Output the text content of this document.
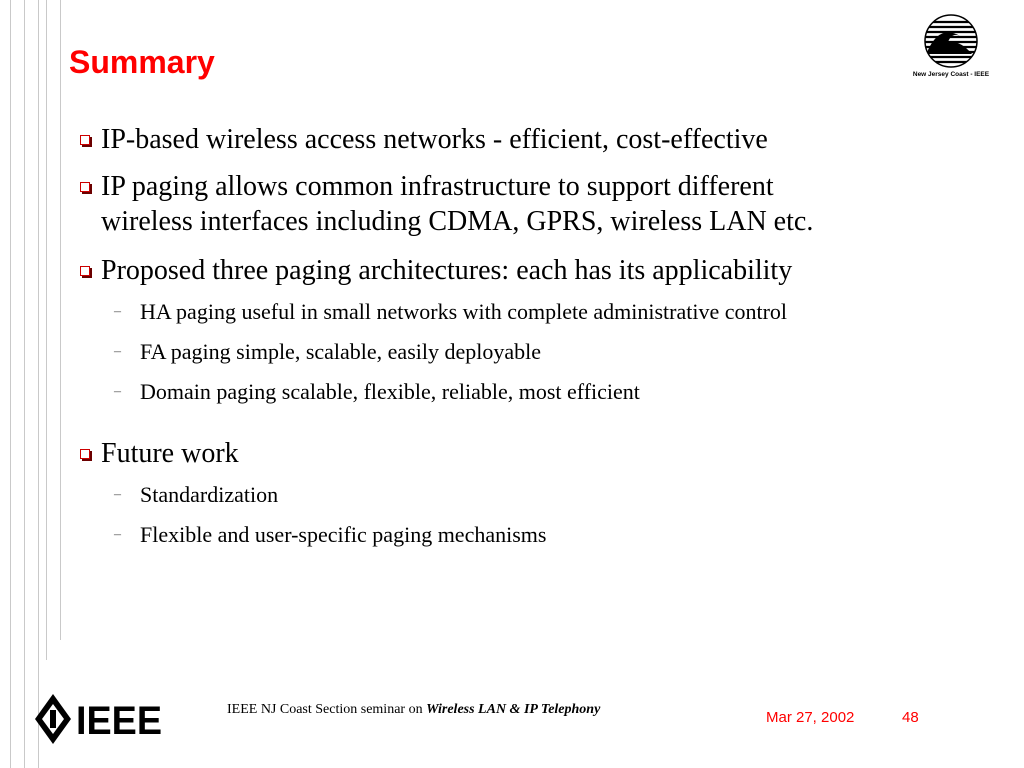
Summary	New Jersey Coast - IEEE
IP-based wireless access networks - efficient, cost-effective
IP paging allows common infrastructure to support different
wireless interfaces including CDMA, GPRS, wireless LAN etc.
Proposed three paging architectures: each has its applicability
– HA paging useful in small networks with complete administrative control
– FA paging simple, scalable, easily deployable
– Domain paging scalable, flexible, reliable, most efficient
Future work
– Standardization
– Flexible and user-specific paging mechanisms
IEEE	IEEE NJ Coast Section seminar on Wireless LAN & IP Telephony	Mar 27, 2002	48
